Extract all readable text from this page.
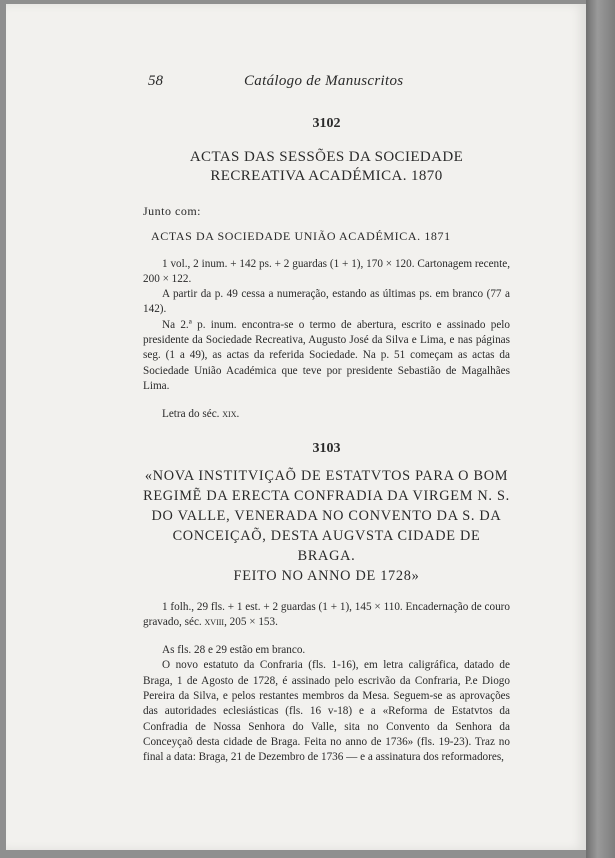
58	Catálogo de Manuscritos

3102

ACTAS DAS SESSÕES DA SOCIEDADE
RECREATIVA ACADÉMICA. 1870

Junto com:

ACTAS DA SOCIEDADE UNIÃO ACADÉMICA. 1871

1 vol., 2 inum. + 142 ps. + 2 guardas (1 + 1), 170 × 120. Cartonagem recente, 200 × 122.

A partir da p. 49 cessa a numeração, estando as últimas ps. em branco (77 a 142).

Na 2.ª p. inum. encontra-se o termo de abertura, escrito e assinado pelo presidente da Sociedade Recreativa, Augusto José da Silva e Lima, e nas páginas seg. (1 a 49), as actas da referida Sociedade. Na p. 51 começam as actas da Sociedade União Académica que teve por presidente Sebastião de Magalhães Lima.

Letra do séc. xix.

3103

«NOVA INSTITVIÇAÕ DE ESTATVTOS PARA O BOM
REGIMẼ DA ERECTA CONFRADIA DA VIRGEM N. S.
DO VALLE, VENERADA NO CONVENTO DA S. DA
CONCEIÇAÕ, DESTA AUGVSTA CIDADE DE BRAGA.
FEITO NO ANNO DE 1728»

1 folh., 29 fls. + 1 est. + 2 guardas (1 + 1), 145 × 110. Encadernação de couro gravado, séc. xviii, 205 × 153.

As fls. 28 e 29 estão em branco.

O novo estatuto da Confraria (fls. 1-16), em letra caligráfica, datado de Braga, 1 de Agosto de 1728, é assinado pelo escrivão da Confraria, P.e Diogo Pereira da Silva, e pelos restantes membros da Mesa. Seguem-se as aprovações das autoridades eclesiásticas (fls. 16 v-18) e a «Reforma de Estatvtos da Confradia de Nossa Senhora do Valle, sita no Convento da Senhora da Conceyçaõ desta cidade de Braga. Feita no anno de 1736» (fls. 19-23). Traz no final a data: Braga, 21 de Dezembro de 1736 — e a assinatura dos reformadores,
